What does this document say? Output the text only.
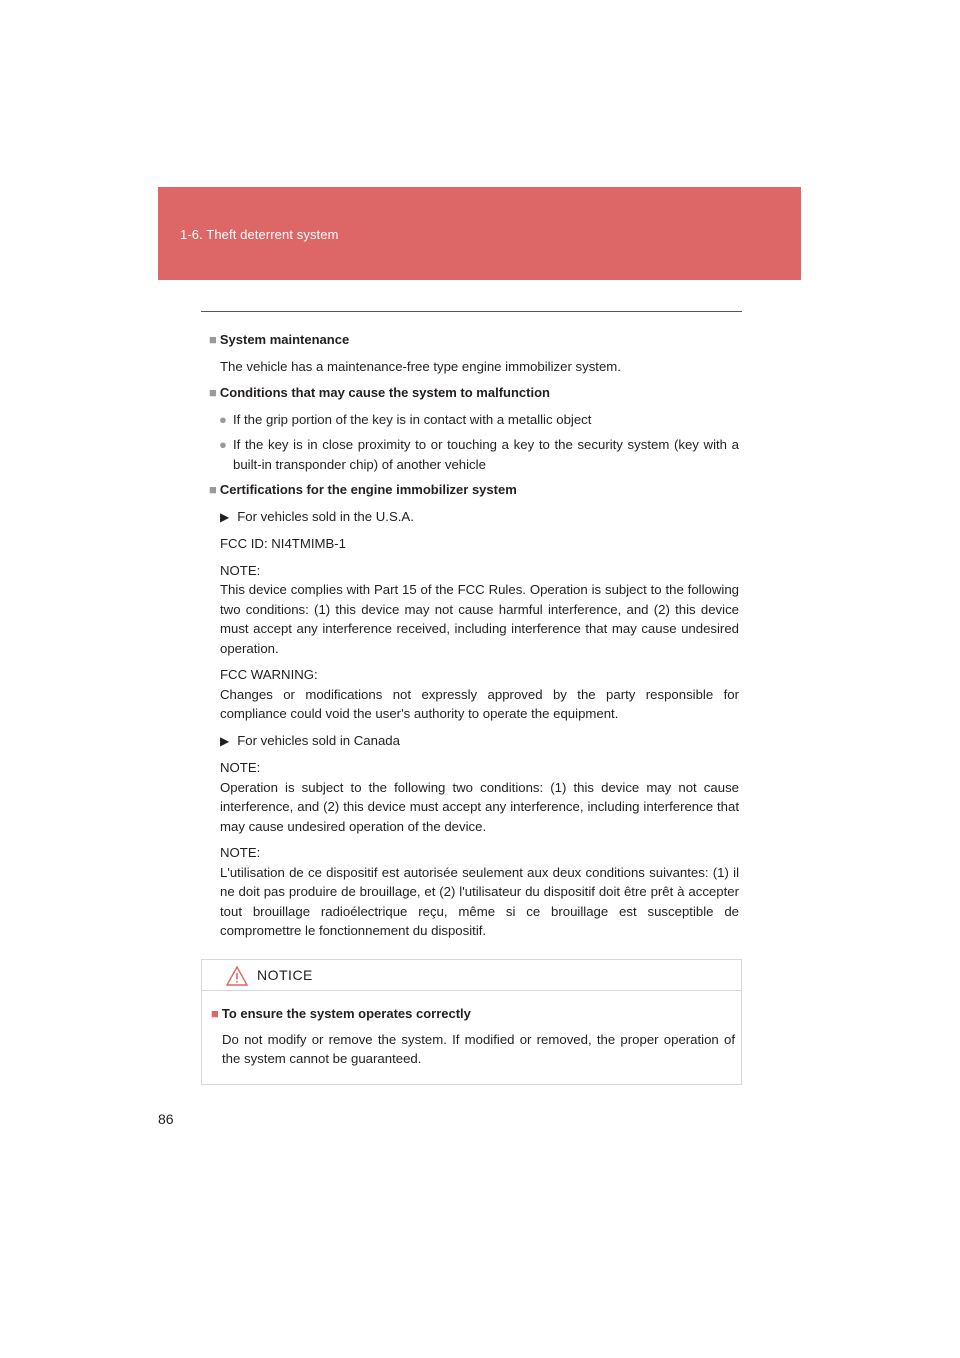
1-6. Theft deterrent system

■ System maintenance

The vehicle has a maintenance-free type engine immobilizer system.

■ Conditions that may cause the system to malfunction

● If the grip portion of the key is in contact with a metallic object

● If the key is in close proximity to or touching a key to the security system (key with a built-in transponder chip) of another vehicle

■ Certifications for the engine immobilizer system

▶ For vehicles sold in the U.S.A.

FCC ID: NI4TMIMB-1

NOTE:
This device complies with Part 15 of the FCC Rules. Operation is subject to the following two conditions: (1) this device may not cause harmful interference, and (2) this device must accept any interference received, including interference that may cause undesired operation.
FCC WARNING:
Changes or modifications not expressly approved by the party responsible for compliance could void the user's authority to operate the equipment.

▶ For vehicles sold in Canada

NOTE:
Operation is subject to the following two conditions: (1) this device may not cause interference, and (2) this device must accept any interference, including interference that may cause undesired operation of the device.
NOTE:
L'utilisation de ce dispositif est autorisée seulement aux deux conditions suivantes: (1) il ne doit pas produire de brouillage, et (2) l'utilisateur du dispositif doit être prêt à accepter tout brouillage radioélectrique reçu, même si ce brouillage est susceptible de compromettre le fonctionnement du dispositif.
NOTICE

■ To ensure the system operates correctly

Do not modify or remove the system. If modified or removed, the proper operation of the system cannot be guaranteed.

86
